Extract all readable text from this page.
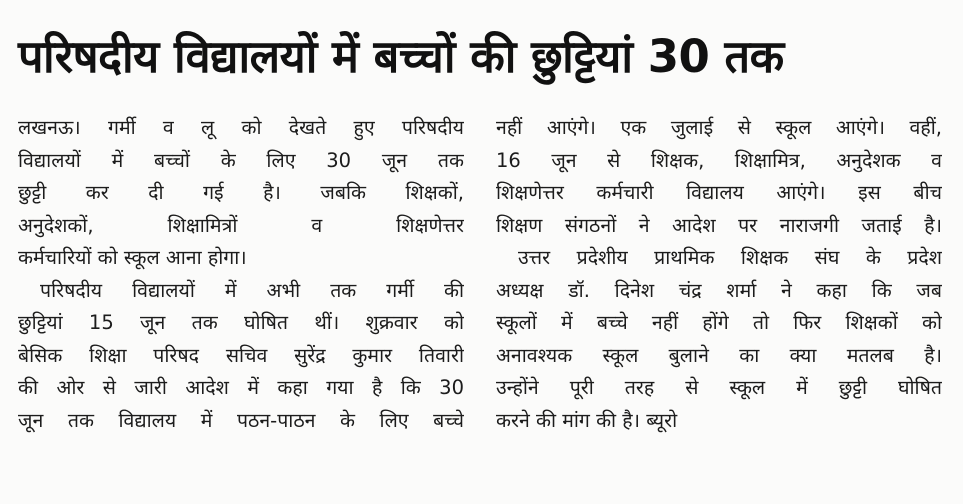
परिषदीय विद्यालयों में बच्चों की छुट्टियां 30 तक
लखनऊ। गर्मी व लू को देखते हुए परिषदीय
विद्यालयों में बच्चों के लिए 30 जून तक
छुट्टी कर दी गई है। जबकि शिक्षकों,
अनुदेशकों, शिक्षामित्रों व शिक्षणेत्तर
कर्मचारियों को स्कूल आना होगा।
परिषदीय विद्यालयों में अभी तक गर्मी की
छुट्टियां 15 जून तक घोषित थीं। शुक्रवार को
बेसिक शिक्षा परिषद सचिव सुरेंद्र कुमार तिवारी
की ओर से जारी आदेश में कहा गया है कि 30
जून तक विद्यालय में पठन-पाठन के लिए बच्चे
नहीं आएंगे। एक जुलाई से स्कूल आएंगे। वहीं,
16 जून से शिक्षक, शिक्षामित्र, अनुदेशक व
शिक्षणेत्तर कर्मचारी विद्यालय आएंगे। इस बीच
शिक्षण संगठनों ने आदेश पर नाराजगी जताई है।
उत्तर प्रदेशीय प्राथमिक शिक्षक संघ के प्रदेश
अध्यक्ष डॉ. दिनेश चंद्र शर्मा ने कहा कि जब
स्कूलों में बच्चे नहीं होंगे तो फिर शिक्षकों को
अनावश्यक स्कूल बुलाने का क्या मतलब है।
उन्होंने पूरी तरह से स्कूल में छुट्टी घोषित
करने की मांग की है। ब्यूरो
